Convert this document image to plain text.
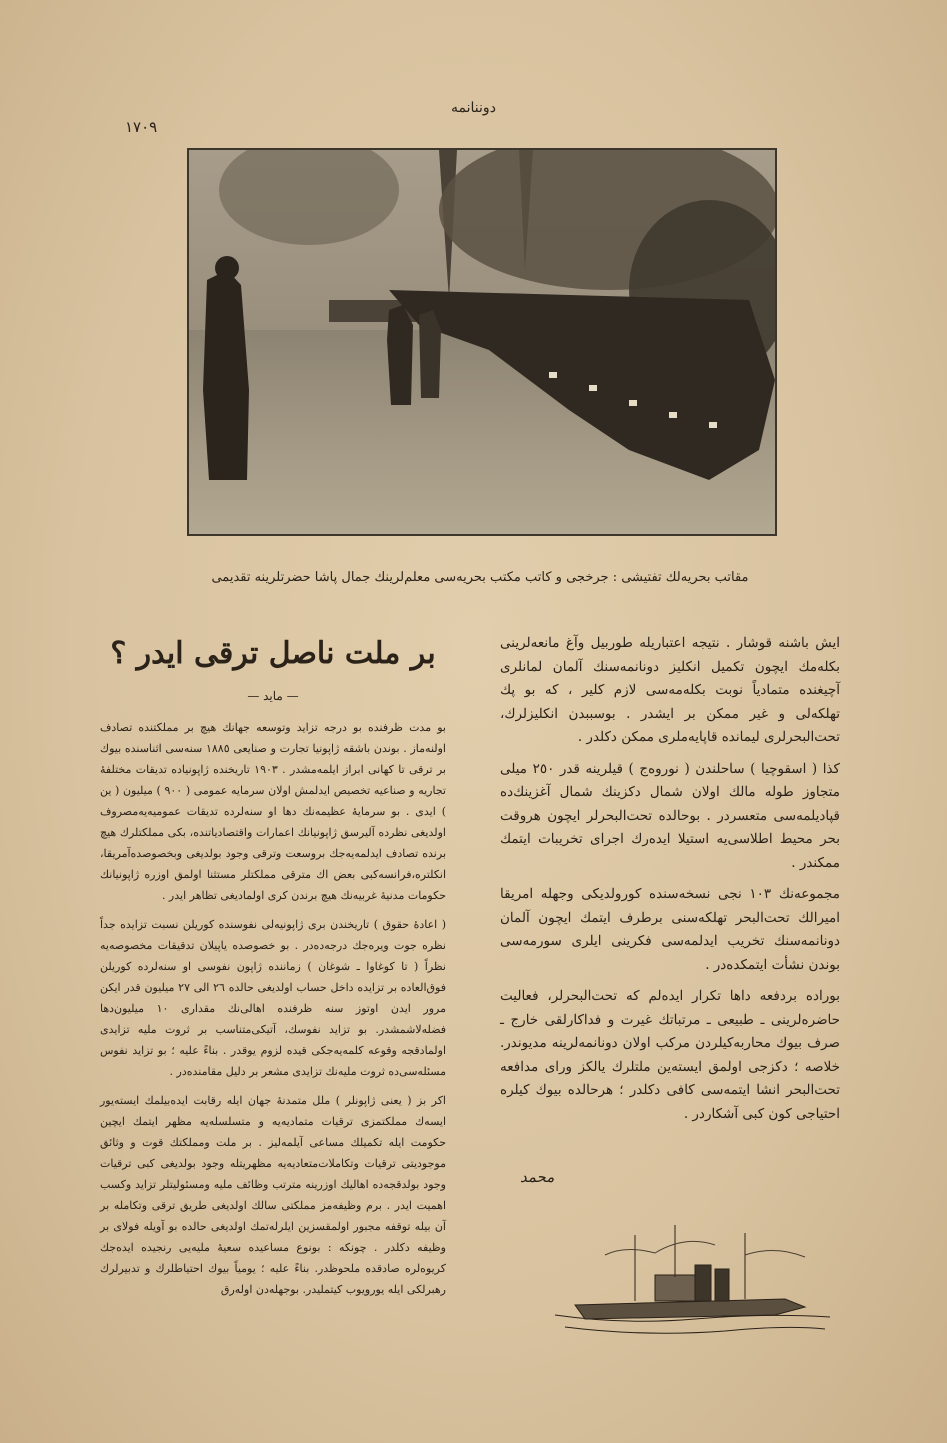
دوننانمه
١٧٠٩
مقاتب بحریه‌لك تفتیشی : جرخجی و كاتب مكتب بحریه‌سی معلم‌لرینك جمال پاشا حضرتلرینه تقدیمی

ایش باشنه قوشار . نتیجه اعتباریله طوربیل وآغ مانعه‌لرینی بكله‌مك ایچون تكمیل انكلیز دونانمه‌سنك آلمان لمانلری آچیغنده متمادیاً نوبت بكله‌مه‌سی لازم كلیر ، كه بو پك تهلكه‌لی و غیر ممكن بر ایشدر . بوسببدن انكلیزلرك، تحت‌البحرلری لیمانده قاپایه‌ملری ممكن دكلدر .

كذا ( اسقوچیا ) ساحلندن ( نوروه‌ج ) قیلرینه قدر ٢٥٠ میلی متجاوز طوله مالك اولان شمال دكزینك شمال آغزینك‌ده قپادیلمه‌سی متعسردر . بوحالده تحت‌البحرلر ایچون هروقت بحر محیط اطلاسی‌یه استیلا ایده‌رك اجرای تخریبات ایتمك ممكندر .

مجموعه‌نك ١٠٣ نجی نسخه‌سنده كورولدیكی وجهله امریقا امیرالك تحت‌البحر تهلكه‌سنی برطرف ایتمك ایچون آلمان دونانمه‌سنك تخریب ایدلمه‌سی فكرینی ایلری سورمه‌سی بوندن نشأت ایتمكده‌در .

بورادە بردفعه داها تكرار ایده‌لم كه تحت‌البحرلر، فعالیت حاضره‌لرینی ـ طبیعی ـ مرتباتك غیرت و فداكارلقی خارج ـ صرف بیوك محاربه‌كیلردن مركب اولان دونانمه‌لرینه مدیوندر. خلاصه ؛ دكزجی اولمق ایسته‌ین ملتلرك یالكز ورای مدافعه تحت‌البحر انشا ایتمه‌سی كافی دكلدر ؛ هرحالده بیوك كیلره احتیاجی كون كبی آشكاردر .

محمد
بر ملت ناصل ترقی ایدر ؟
— ماید —

بو مدت ظرفنده بو درجه تزاید وتوسعه جهانك هیچ بر مملكتنده تصادف اولنه‌ماز . بوندن باشقه ژاپونیا تجارت و صنایعی ١٨٨٥ سنه‌سی اثناسنده بیوك بر ترقی تا كهانی ابراز ایلمه‌مشدر . ١٩٠٣ تاریخنده ژاپونیاده تدیقات مختلفهٔ تجاریه و صناعیه تخصیص ایدلمش اولان سرمایه عمومی ( ٩٠٠ ) میلیون ( ین ) ایدی . بو سرمایهٔ عظیمه‌نك دها او سنه‌لرده تدیقات عمومیه‌یه‌مصروف اولدیغی نظرده آلیرسق ژاپونیانك اعمارات واقتصادیاتنده، بكی مملكتلرك هیچ برنده تصادف ایدلمه‌یه‌جك بروسعت وترقی وجود بولدیغی وبخصوصده‌آمریقا، انكلتره،فرانسه‌كبی بعض اك مترقی مملكتلر مستثنا اولمق اوزره ژاپونیانك حكومات مدنیهٔ غربیه‌نك هیچ برندن كری اولمادیغی تظاهر ایدر .

( اعادهٔ حقوق ) تاریخندن بری ژاپونیه‌لی نفوسنده كوریلن نسبت تزایده جداً نظره جوت ویره‌جك درجه‌ده‌در . بو خصوصده یاپیلان تدقیقات مخصوصه‌یه نظراً ( تا كوغاوا ـ شوغان ) زماننده ژاپون نفوسی او سنه‌لرده كوریلن فوق‌العاده بر تزایده داخل حساب اولدیغی حالده ٢٦ الی ٢٧ میلیون قدر ایكن مرور ایدن اوتوز سنه ظرفنده اهالی‌نك مقداری ١٠ میلیون‌دها فضله‌لاشمشدر. بو تزاید نفوسك، آتیكی‌متناسب بر ثروت ملیه تزایدی اولمادقجه وقوعه كلمه‌یه‌جكی قیده لزوم یوقدر . بناءً علیه ؛ بو تزاید نفوس مسئله‌سی‌ده ثروت ملیه‌نك تزایدی مشعر بر دلیل مقامنده‌در .

اكر بز ( یعنی ژاپونلر ) ملل متمدنهٔ جهان ایله رقابت ایده‌بیلمك ایسته‌یور ایسه‌ك مملكتمزی ترقیات متمادیه‌یه و متسلسله‌یه مظهر ایتمك ایچین حكومت ایله تكمیلك مساعی آیلمه‌لیز . بر ملت ومملكتك قوت و وثائق موجودیتی ترقیات وتكاملات‌متعادیه‌یه مظهریتله وجود بولدیغی كبی ترقیات وجود بولدقجه‌ده اهالیك اوزرینه مترتب وظائف ملیه ومسئولیتلر تزاید وكسب اهمیت ایدر . برم وظیفه‌مز مملكتی سالك اولدیغی طریق ترقی وتكامله بر آن بیله توقفه مجبور اولمقسزین ایلرله‌تمك اولدیغی حالده بو آویله فولای بر وظیفه دكلدر . چونكه : بونوع مساعیده سعیهٔ ملیه‌یی رنجیده ایده‌جك كریوه‌لره صادقده ملحوظدر. بناءً علیه ؛ یومیاً بیوك احتیاطلرك و تدبیرلرك رهبرلكی ایله یورویوب كیتملیدر. بوجهله‌دن اوله‌رق
